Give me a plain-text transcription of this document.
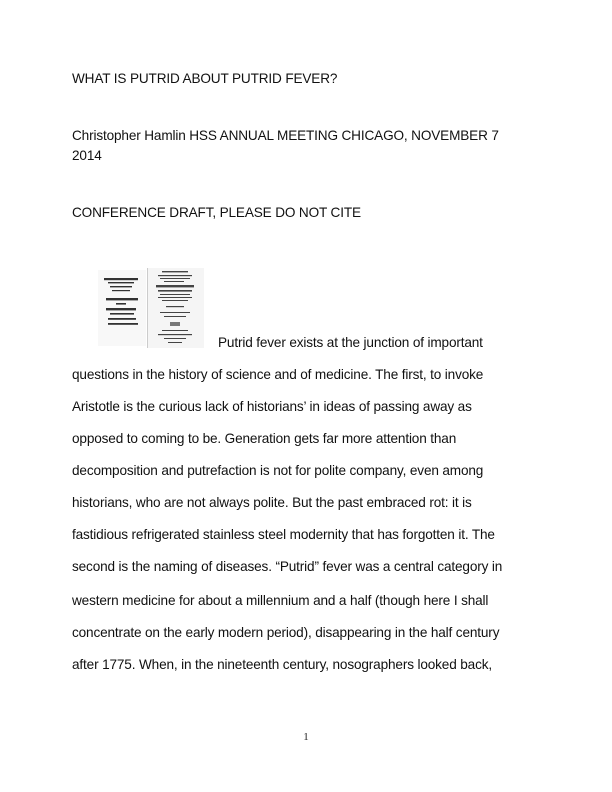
WHAT IS PUTRID ABOUT PUTRID FEVER?
Christopher Hamlin HSS ANNUAL MEETING CHICAGO, NOVEMBER 7
2014
CONFERENCE DRAFT, PLEASE DO NOT CITE
Putrid fever exists at the junction of important
questions in the history of science and of medicine. The first, to invoke
Aristotle is the curious lack of historians’ in ideas of passing away as
opposed to coming to be. Generation gets far more attention than
decomposition and putrefaction is not for polite company, even among
historians, who are not always polite. But the past embraced rot: it is
fastidious refrigerated stainless steel modernity that has forgotten it. The
second is the naming of diseases. “Putrid” fever was a central category in
western medicine for about a millennium and a half (though here I shall
concentrate on the early modern period), disappearing in the half century
after 1775. When, in the nineteenth century, nosographers looked back,
1
